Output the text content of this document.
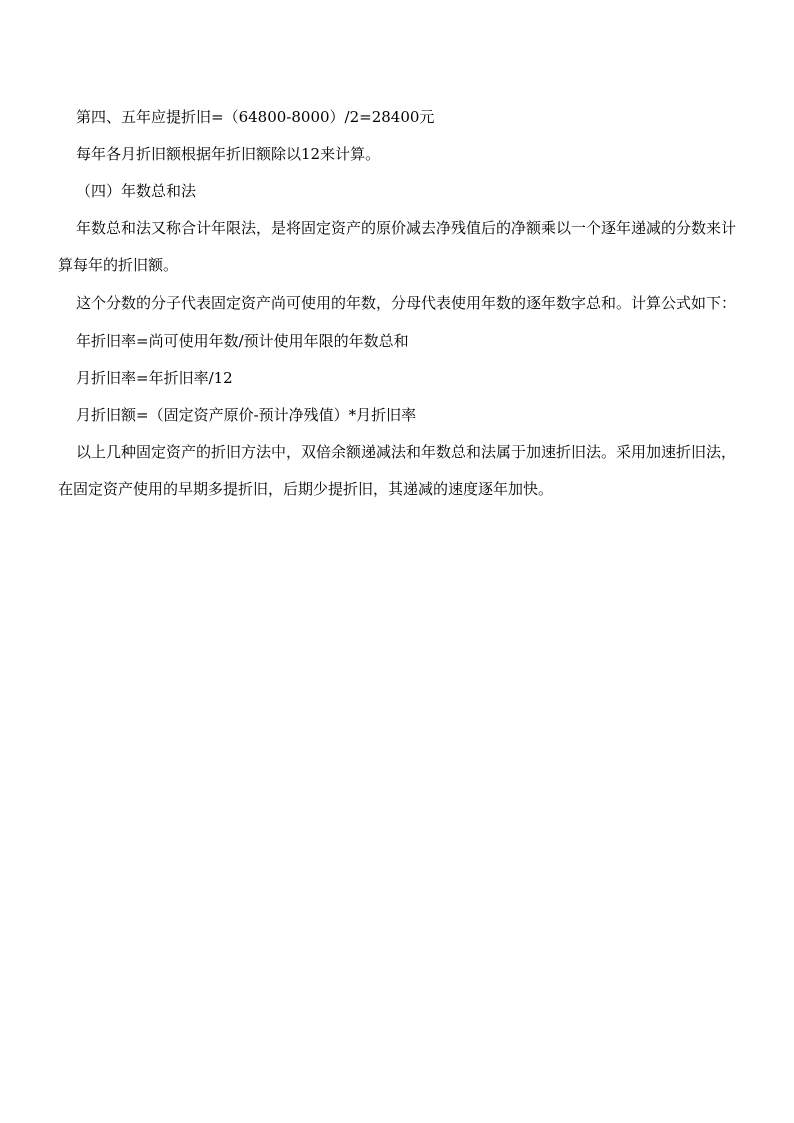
第四、五年应提折旧=（64800-8000）/2=28400元

每年各月折旧额根据年折旧额除以12来计算。

（四）年数总和法

年数总和法又称合计年限法，是将固定资产的原价减去净残值后的净额乘以一个逐年递减的分数来计算每年的折旧额。

这个分数的分子代表固定资产尚可使用的年数，分母代表使用年数的逐年数字总和。计算公式如下：

年折旧率=尚可使用年数/预计使用年限的年数总和

月折旧率=年折旧率/12

月折旧额=（固定资产原价-预计净残值）*月折旧率

以上几种固定资产的折旧方法中，双倍余额递减法和年数总和法属于加速折旧法。采用加速折旧法，在固定资产使用的早期多提折旧，后期少提折旧，其递减的速度逐年加快。
